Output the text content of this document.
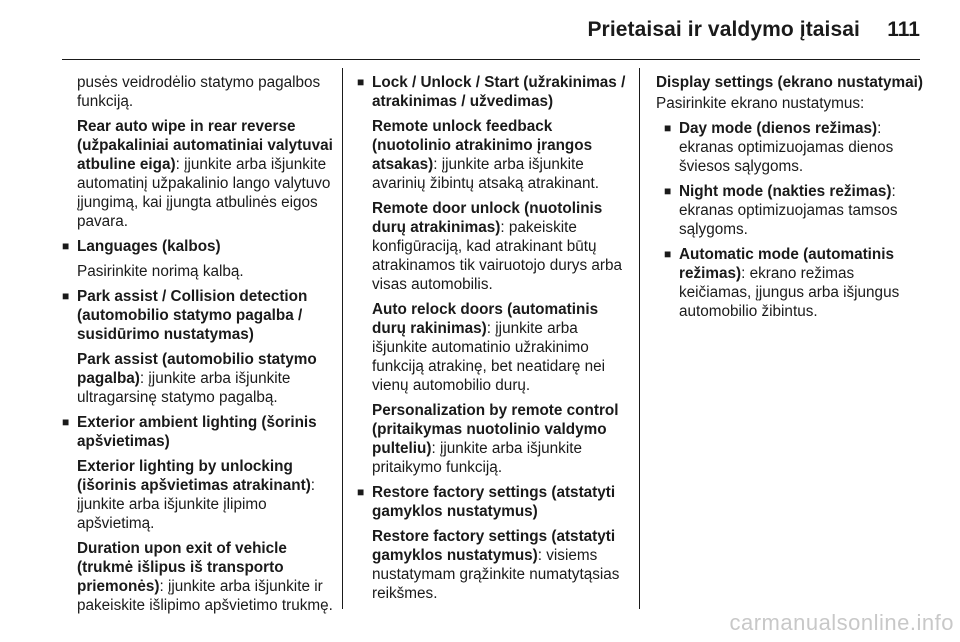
Prietaisai ir valdymo įtaisai 111

pusės veidrodėlio statymo pagalbos funkciją.

Rear auto wipe in rear reverse (užpakaliniai automatiniai valytuvai atbuline eiga): įjunkite arba išjunkite automatinį užpakalinio lango valytuvo įjungimą, kai įjungta atbulinės eigos pavara.

■ Languages (kalbos)

Pasirinkite norimą kalbą.

■ Park assist / Collision detection (automobilio statymo pagalba / susidūrimo nustatymas)

Park assist (automobilio statymo pagalba): įjunkite arba išjunkite ultragarsinę statymo pagalbą.

■ Exterior ambient lighting (šorinis apšvietimas)

Exterior lighting by unlocking (išorinis apšvietimas atrakinant): įjunkite arba išjunkite įlipimo apšvietimą.

Duration upon exit of vehicle (trukmė išlipus iš transporto priemonės): įjunkite arba išjunkite ir pakeiskite išlipimo apšvietimo trukmę.

■ Lock / Unlock / Start (užrakinimas / atrakinimas / užvedimas)

Remote unlock feedback (nuotolinio atrakinimo įrangos atsakas): įjunkite arba išjunkite avarinių žibintų atsaką atrakinant.

Remote door unlock (nuotolinis durų atrakinimas): pakeiskite konfigūraciją, kad atrakinant būtų atrakinamos tik vairuotojo durys arba visas automobilis.

Auto relock doors (automatinis durų rakinimas): įjunkite arba išjunkite automatinio užrakinimo funkciją atrakinę, bet neatidarę nei vienų automobilio durų.

Personalization by remote control (pritaikymas nuotolinio valdymo pulteliu): įjunkite arba išjunkite pritaikymo funkciją.

■ Restore factory settings (atstatyti gamyklos nustatymus)

Restore factory settings (atstatyti gamyklos nustatymus): visiems nustatymam grąžinkite numatytąsias reikšmes.

Display settings (ekrano nustatymai)

Pasirinkite ekrano nustatymus:

■ Day mode (dienos režimas): ekranas optimizuojamas dienos šviesos sąlygoms.
■ Night mode (nakties režimas): ekranas optimizuojamas tamsos sąlygoms.
■ Automatic mode (automatinis režimas): ekrano režimas keičiamas, įjungus arba išjungus automobilio žibintus.
carmanualsonline.info
